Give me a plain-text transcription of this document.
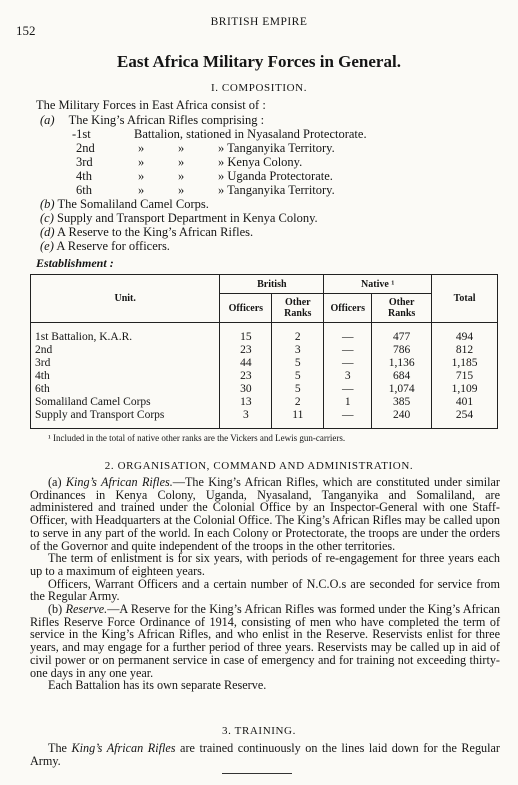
152
BRITISH EMPIRE
East Africa Military Forces in General.
I. COMPOSITION.
The Military Forces in East Africa consist of :
(a) The King’s African Rifles comprising :
-1st	Battalion, stationed in Nyasaland Protectorate.
2nd	»	»	» Tanganyika Territory.
3rd	»	»	» Kenya Colony.
4th	»	»	» Uganda Protectorate.
6th	»	»	» Tanganyika Territory.
(b) The Somaliland Camel Corps.
(c) Supply and Transport Department in Kenya Colony.
(d) A Reserve to the King’s African Rifles.
(e) A Reserve for officers.
Establishment :
Unit.	British		Native ¹		Total
	Officers	Other Ranks	Officers	Other Ranks	
1st Battalion, K.A.R.	15	2	—	477	494
2nd	23	3	—	786	812
3rd	44	5	—	1,136	1,185
4th	23	5	3	684	715
6th	30	5	—	1,074	1,109
Somaliland Camel Corps	13	2	1	385	401
Supply and Transport Corps	3	11	—	240	254
¹ Included in the total of native other ranks are the Vickers and Lewis gun-carriers.
2. ORGANISATION, COMMAND AND ADMINISTRATION.

(a) King’s African Rifles.—The King’s African Rifles, which are constituted under similar Ordinances in Kenya Colony, Uganda, Nyasaland, Tanganyika and Somaliland, are administered and trained under the Colonial Office by an Inspector-General with one Staff-Officer, with Headquarters at the Colonial Office. The King’s African Rifles may be called upon to serve in any part of the world. In each Colony or Protectorate, the troops are under the orders of the Governor and quite independent of the troops in the other territories.

The term of enlistment is for six years, with periods of re-engagement for three years each up to a maximum of eighteen years.

Officers, Warrant Officers and a certain number of N.C.O.s are seconded for service from the Regular Army.

(b) Reserve.—A Reserve for the King’s African Rifles was formed under the King’s African Rifles Reserve Force Ordinance of 1914, consisting of men who have completed the term of service in the King’s African Rifles, and who enlist in the Reserve. Reservists enlist for three years, and may engage for a further period of three years. Reservists may be called up in aid of civil power or on permanent service in case of emergency and for training not exceeding thirty-one days in any one year.

Each Battalion has its own separate Reserve.

3. TRAINING.

The King’s African Rifles are trained continuously on the lines laid down for the Regular Army.
